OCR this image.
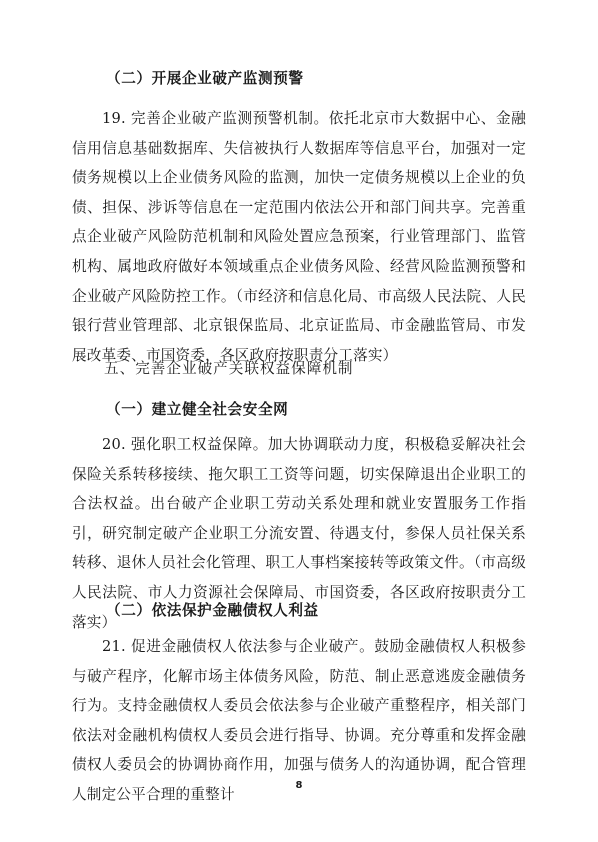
（二）开展企业破产监测预警

19. 完善企业破产监测预警机制。依托北京市大数据中心、金融信用信息基础数据库、失信被执行人数据库等信息平台，加强对一定债务规模以上企业债务风险的监测，加快一定债务规模以上企业的负债、担保、涉诉等信息在一定范围内依法公开和部门间共享。完善重点企业破产风险防范机制和风险处置应急预案，行业管理部门、监管机构、属地政府做好本领域重点企业债务风险、经营风险监测预警和企业破产风险防控工作。（市经济和信息化局、市高级人民法院、人民银行营业管理部、北京银保监局、北京证监局、市金融监管局、市发展改革委、市国资委，各区政府按职责分工落实）

五、完善企业破产关联权益保障机制
（一）建立健全社会安全网

20. 强化职工权益保障。加大协调联动力度，积极稳妥解决社会保险关系转移接续、拖欠职工工资等问题，切实保障退出企业职工的合法权益。出台破产企业职工劳动关系处理和就业安置服务工作指引，研究制定破产企业职工分流安置、待遇支付，参保人员社保关系转移、退休人员社会化管理、职工人事档案接转等政策文件。（市高级人民法院、市人力资源社会保障局、市国资委，各区政府按职责分工落实）

（二）依法保护金融债权人利益

21. 促进金融债权人依法参与企业破产。鼓励金融债权人积极参与破产程序，化解市场主体债务风险，防范、制止恶意逃废金融债务行为。支持金融债权人委员会依法参与企业破产重整程序，相关部门依法对金融机构债权人委员会进行指导、协调。充分尊重和发挥金融债权人委员会的协调协商作用，加强与债务人的沟通协调，配合管理人制定公平合理的重整计

8
